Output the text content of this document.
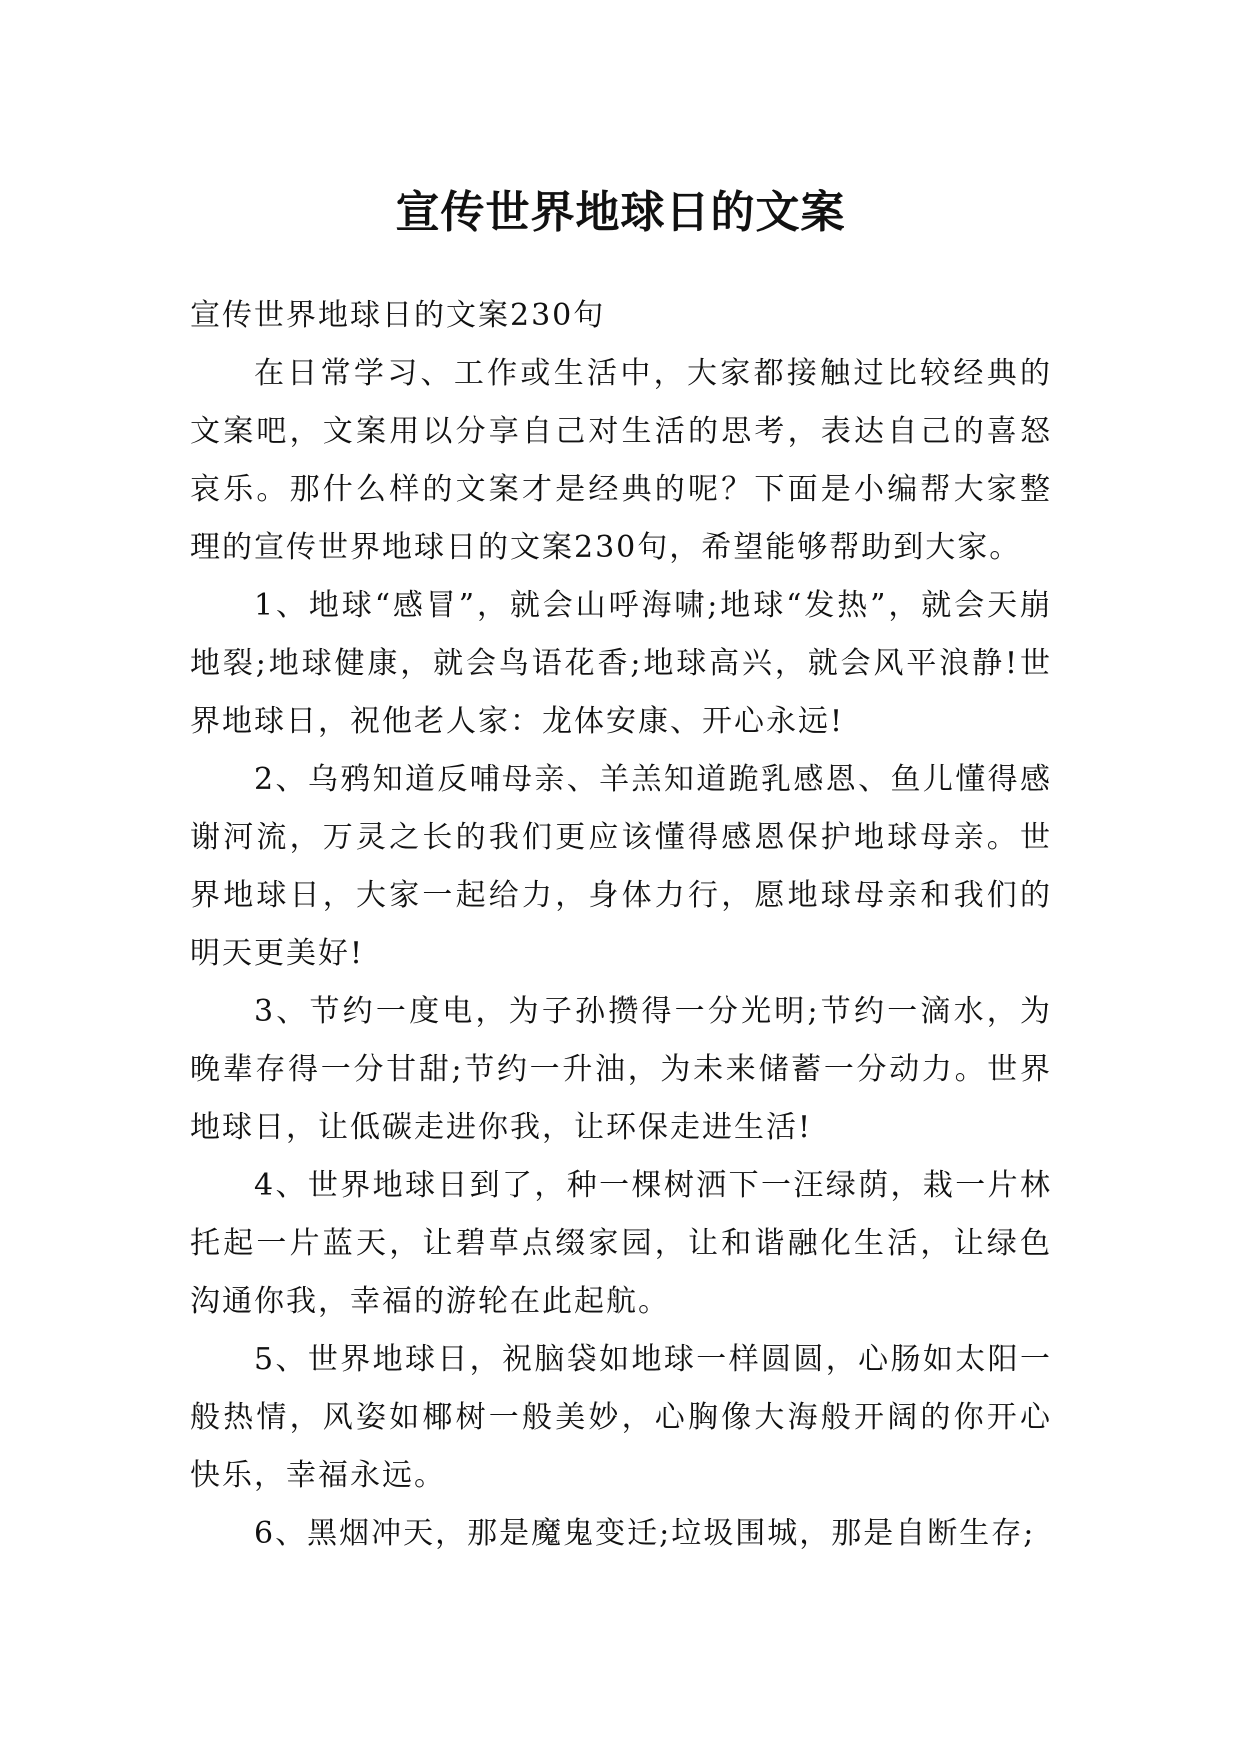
宣传世界地球日的文案

宣传世界地球日的文案230句

在日常学习、工作或生活中，大家都接触过比较经典的文案吧，文案用以分享自己对生活的思考，表达自己的喜怒哀乐。那什么样的文案才是经典的呢？下面是小编帮大家整理的宣传世界地球日的文案230句，希望能够帮助到大家。

1、地球“感冒”，就会山呼海啸;地球“发热”，就会天崩地裂;地球健康，就会鸟语花香;地球高兴，就会风平浪静!世界地球日，祝他老人家：龙体安康、开心永远!

2、乌鸦知道反哺母亲、羊羔知道跪乳感恩、鱼儿懂得感谢河流，万灵之长的我们更应该懂得感恩保护地球母亲。世界地球日，大家一起给力，身体力行，愿地球母亲和我们的明天更美好!

3、节约一度电，为子孙攒得一分光明;节约一滴水，为晚辈存得一分甘甜;节约一升油，为未来储蓄一分动力。世界地球日，让低碳走进你我，让环保走进生活!

4、世界地球日到了，种一棵树洒下一汪绿荫，栽一片林托起一片蓝天，让碧草点缀家园，让和谐融化生活，让绿色沟通你我，幸福的游轮在此起航。

5、世界地球日，祝脑袋如地球一样圆圆，心肠如太阳一般热情，风姿如椰树一般美妙，心胸像大海般开阔的你开心快乐，幸福永远。

6、黑烟冲天，那是魔鬼变迁;垃圾围城，那是自断生存;
